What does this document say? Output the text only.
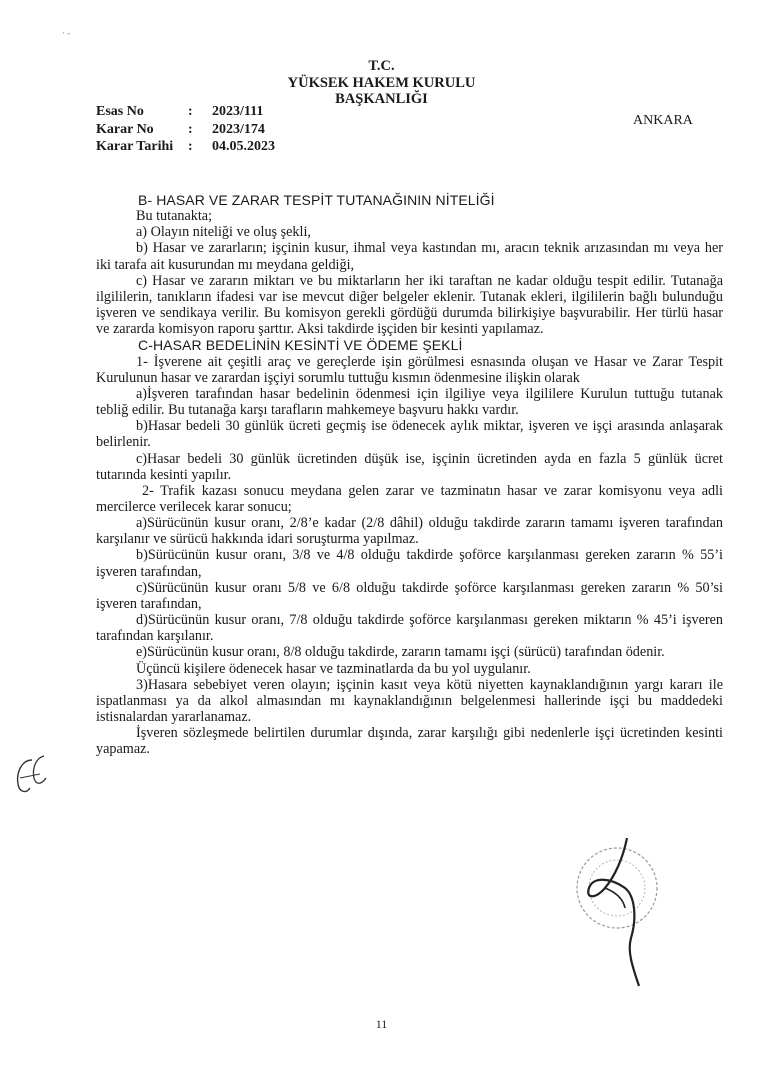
· -
T.C.
YÜKSEK HAKEM KURULU
BAŞKANLIĞI
Esas No	:	2023/111
Karar No	:	2023/174
Karar Tarihi	:	04.05.2023
ANKARA

B- HASAR VE ZARAR TESPİT TUTANAĞININ NİTELİĞİ

Bu tutanakta;

a) Olayın niteliği ve oluş şekli,

b) Hasar ve zararların; işçinin kusur, ihmal veya kastından mı, aracın teknik arızasından mı veya her iki tarafa ait kusurundan mı meydana geldiği,

c) Hasar ve zararın miktarı ve bu miktarların her iki taraftan ne kadar olduğu tespit edilir. Tutanağa ilgililerin, tanıkların ifadesi var ise mevcut diğer belgeler eklenir. Tutanak ekleri, ilgililerin bağlı bulunduğu işveren ve sendikaya verilir. Bu komisyon gerekli gördüğü durumda bilirkişiye başvurabilir. Her türlü hasar ve zararda komisyon raporu şarttır. Aksi takdirde işçiden bir kesinti yapılamaz.

C-HASAR BEDELİNİN KESİNTİ VE ÖDEME ŞEKLİ

1- İşverene ait çeşitli araç ve gereçlerde işin görülmesi esnasında oluşan ve Hasar ve Zarar Tespit Kurulunun hasar ve zarardan işçiyi sorumlu tuttuğu kısmın ödenmesine ilişkin olarak

a)İşveren tarafından hasar bedelinin ödenmesi için ilgiliye veya ilgililere Kurulun tuttuğu tutanak tebliğ edilir. Bu tutanağa karşı tarafların mahkemeye başvuru hakkı vardır.

b)Hasar bedeli 30 günlük ücreti geçmiş ise ödenecek aylık miktar, işveren ve işçi arasında anlaşarak belirlenir.

c)Hasar bedeli 30 günlük ücretinden düşük ise, işçinin ücretinden ayda en fazla 5 günlük ücret tutarında kesinti yapılır.

2- Trafik kazası sonucu meydana gelen zarar ve tazminatın hasar ve zarar komisyonu veya adli mercilerce verilecek karar sonucu;

a)Sürücünün kusur oranı, 2/8’e kadar (2/8 dâhil) olduğu takdirde zararın tamamı işveren tarafından karşılanır ve sürücü hakkında idari soruşturma yapılmaz.

b)Sürücünün kusur oranı, 3/8 ve 4/8 olduğu takdirde şoförce karşılanması gereken zararın % 55’i işveren tarafından,

c)Sürücünün kusur oranı 5/8 ve 6/8 olduğu takdirde şoförce karşılanması gereken zararın % 50’si işveren tarafından,

d)Sürücünün kusur oranı, 7/8 olduğu takdirde şoförce karşılanması gereken miktarın % 45’i işveren tarafından karşılanır.

e)Sürücünün kusur oranı, 8/8 olduğu takdirde, zararın tamamı işçi (sürücü) tarafından ödenir.

Üçüncü kişilere ödenecek hasar ve tazminatlarda da bu yol uygulanır.

3)Hasara sebebiyet veren olayın; işçinin kasıt veya kötü niyetten kaynaklandığının yargı kararı ile ispatlanması ya da alkol almasından mı kaynaklandığının belgelenmesi hallerinde işçi bu maddedeki istisnalardan yararlanamaz.

İşveren sözleşmede belirtilen durumlar dışında, zarar karşılığı gibi nedenlerle işçi ücretinden kesinti yapamaz.

11
